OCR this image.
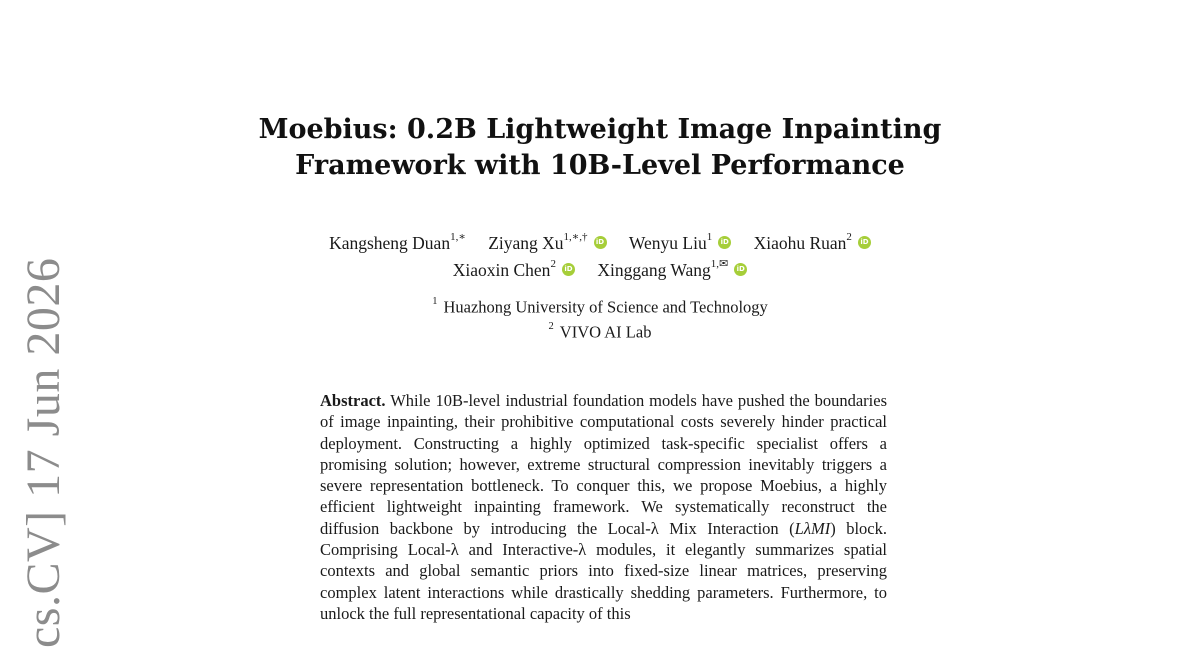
cs.CV] 17 Jun 2026
Moebius: 0.2B Lightweight Image Inpainting
Framework with 10B-Level Performance
Kangsheng Duan$^{1,∗}$ Ziyang $Xu^{1,∗,\dagger}$ iD Wenyu Liu$^1$ iD Xiaohu Ruan$^2$ iD
Xiaoxin Chen$^2$ iD Xinggang Wang$^{1,✉}$ iD
$^1$ Huazhong University of Science and Technology
$^2$ VIVO AI Lab

Abstract. While 10B-level industrial foundation models have pushed the boundaries of image inpainting, their prohibitive computational costs severely hinder practical deployment. Constructing a highly optimized task-specific specialist offers a promising solution; however, extreme structural compression inevitably triggers a severe representation bottleneck. To conquer this, we propose Moebius, a highly efficient lightweight inpainting framework. We systematically reconstruct the diffusion backbone by introducing the Local-λ Mix Interaction (LλMI) block. Comprising Local-λ and Interactive-λ modules, it elegantly summarizes spatial contexts and global semantic priors into fixed-size linear matrices, preserving complex latent interactions while drastically shedding parameters. Furthermore, to unlock the full representational capacity of this
